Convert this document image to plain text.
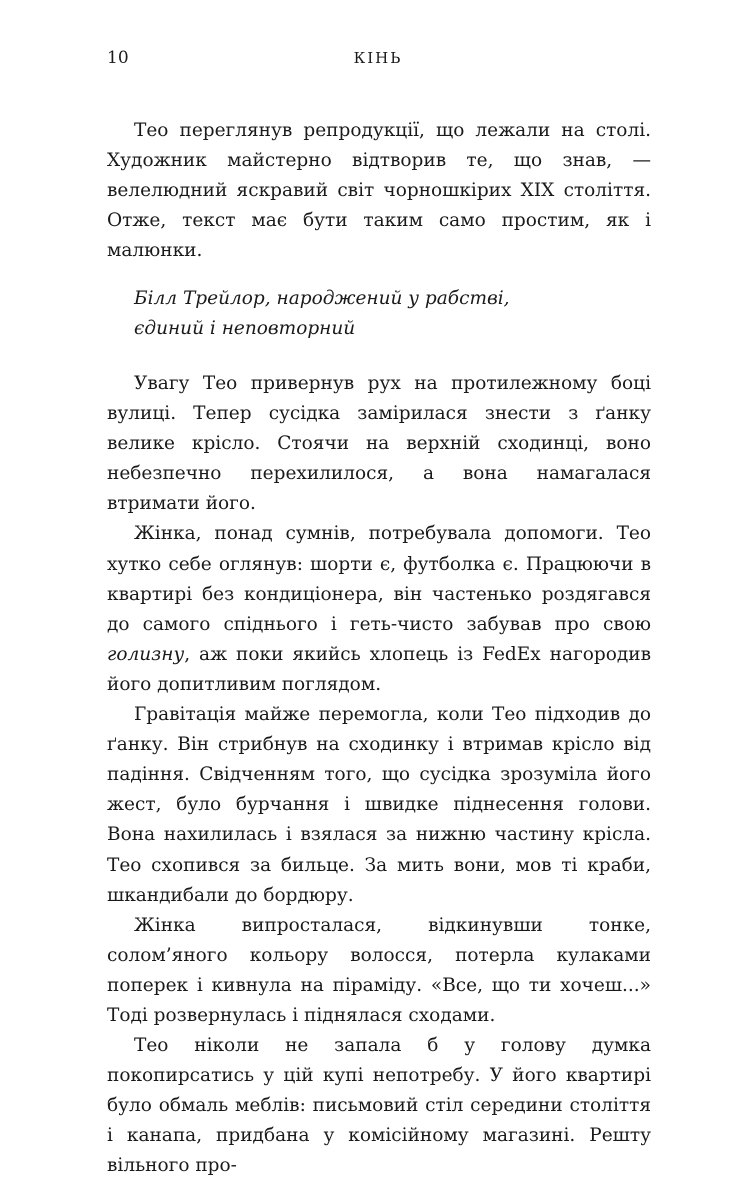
10	КІНЬ

Тео переглянув репродукції, що лежали на столі. Художник майстерно відтворив те, що знав, — велелюдний яскравий світ чорношкірих XIX століття. Отже, текст має бути таким само простим, як і малюнки.

Білл Трейлор, народжений у рабстві,
єдиний і неповторний

Увагу Тео привернув рух на протилежному боці вулиці. Тепер сусідка замірилася знести з ґанку велике крісло. Стоячи на верхній сходинці, воно небезпечно перехилилося, а вона намагалася втримати його.

Жінка, понад сумнів, потребувала допомоги. Тео хутко себе оглянув: шорти є, футболка є. Працюючи в квартирі без кондиціонера, він частенько роздягався до самого спіднього і геть-чисто забував про свою голизну, аж поки якийсь хлопець із FedEx нагородив його допитливим поглядом.

Гравітація майже перемогла, коли Тео підходив до ґанку. Він стрибнув на сходинку і втримав крісло від падіння. Свідченням того, що сусідка зрозуміла його жест, було бурчання і швидке піднесення голови. Вона нахилилась і взялася за нижню частину крісла. Тео схопився за бильце. За мить вони, мов ті краби, шкандибали до бордюру.

Жінка випросталася, відкинувши тонке, солом’яного кольору волосся, потерла кулаками поперек і кивнула на піраміду. «Все, що ти хочеш...» Тоді розвернулась і піднялася сходами.

Тео ніколи не запала б у голову думка покопирсатись у цій купі непотребу. У його квартирі було обмаль меблів: письмовий стіл середини століття і канапа, придбана у комісійному магазині. Решту вільного про-
